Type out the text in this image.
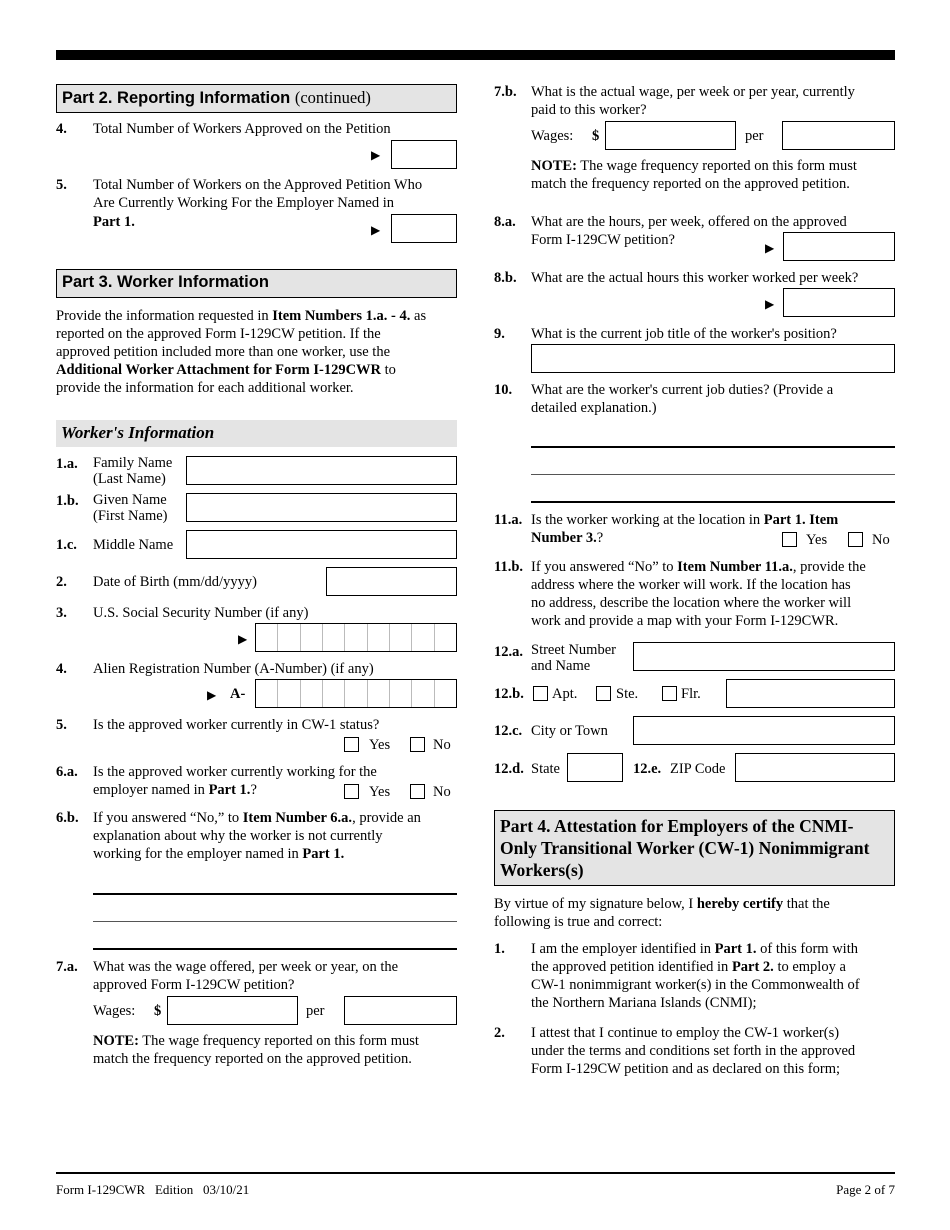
Part 2. Reporting Information (continued)
4. Total Number of Workers Approved on the Petition
▶
5. Total Number of Workers on the Approved Petition Who
Are Currently Working For the Employer Named in
Part 1.	▶
Part 3. Worker Information
Provide the information requested in Item Numbers 1.a. - 4. as
reported on the approved Form I-129CW petition. If the
approved petition included more than one worker, use the
Additional Worker Attachment for Form I-129CWR to
provide the information for each additional worker.
Worker's Information
1.a. Family Name
(Last Name)
1.b. Given Name
(First Name)
1.c. Middle Name
2. Date of Birth (mm/dd/yyyy)
3. U.S. Social Security Number (if any)
▶
4. Alien Registration Number (A-Number) (if any)
▶ A-
5. Is the approved worker currently in CW-1 status?
Yes	No
6.a. Is the approved worker currently working for the
employer named in Part 1.?	Yes	No
6.b. If you answered “No,” to Item Number 6.a., provide an
explanation about why the worker is not currently
working for the employer named in Part 1.
7.a. What was the wage offered, per week or year, on the
approved Form I-129CW petition?
Wages: $	per
NOTE: The wage frequency reported on this form must
match the frequency reported on the approved petition.
7.b. What is the actual wage, per week or per year, currently
paid to this worker?
Wages: $	per
NOTE: The wage frequency reported on this form must
match the frequency reported on the approved petition.
8.a. What are the hours, per week, offered on the approved
Form I-129CW petition?	▶
8.b. What are the actual hours this worker worked per week?
▶
9. What is the current job title of the worker's position?
10. What are the worker's current job duties? (Provide a
detailed explanation.)
11.a. Is the worker working at the location in Part 1. Item
Number 3.?	Yes	No
11.b. If you answered “No” to Item Number 11.a., provide the
address where the worker will work. If the location has
no address, describe the location where the worker will
work and provide a map with your Form I-129CWR.
12.a. Street Number
and Name
12.b. Apt.	Ste.	Flr.
12.c. City or Town
12.d. State	12.e. ZIP Code
Part 4. Attestation for Employers of the CNMI-
Only Transitional Worker (CW-1) Nonimmigrant
Workers(s)
By virtue of my signature below, I hereby certify that the
following is true and correct:
1. I am the employer identified in Part 1. of this form with
the approved petition identified in Part 2. to employ a
CW-1 nonimmigrant worker(s) in the Commonwealth of
the Northern Mariana Islands (CNMI);
2. I attest that I continue to employ the CW-1 worker(s)
under the terms and conditions set forth in the approved
Form I-129CW petition and as declared on this form;
Form I-129CWR   Edition   03/10/21	Page 2 of 7
